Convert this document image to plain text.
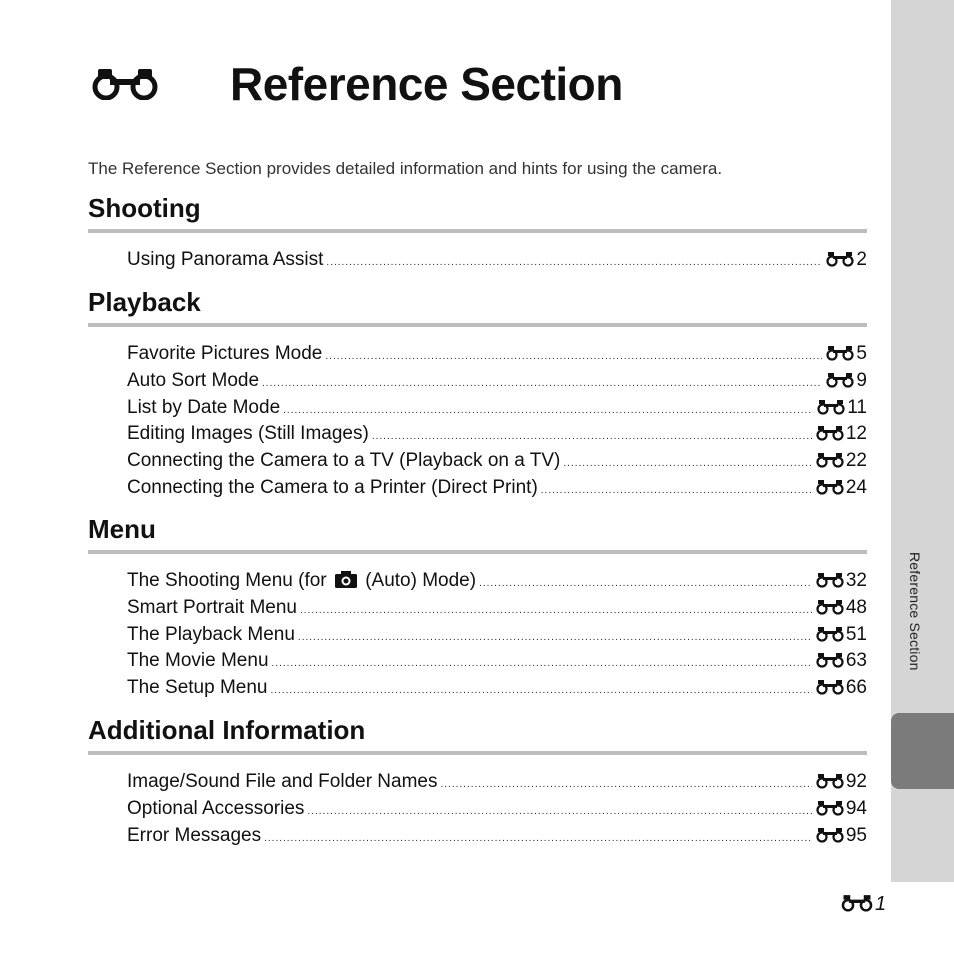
Reference Section
Reference Section

The Reference Section provides detailed information and hints for using the camera.

Shooting
Using Panorama Assist .....	2
Playback
Favorite Pictures Mode .....	5
Auto Sort Mode .....	9
List by Date Mode .....	11
Editing Images (Still Images) .....	12
Connecting the Camera to a TV (Playback on a TV) .....	22
Connecting the Camera to a Printer (Direct Print) .....	24
Menu
The Shooting Menu (for (Auto) Mode) .....	32
Smart Portrait Menu .....	48
The Playback Menu .....	51
The Movie Menu .....	63
The Setup Menu .....	66
Additional Information
Image/Sound File and Folder Names .....	92
Optional Accessories .....	94
Error Messages .....	95
1
